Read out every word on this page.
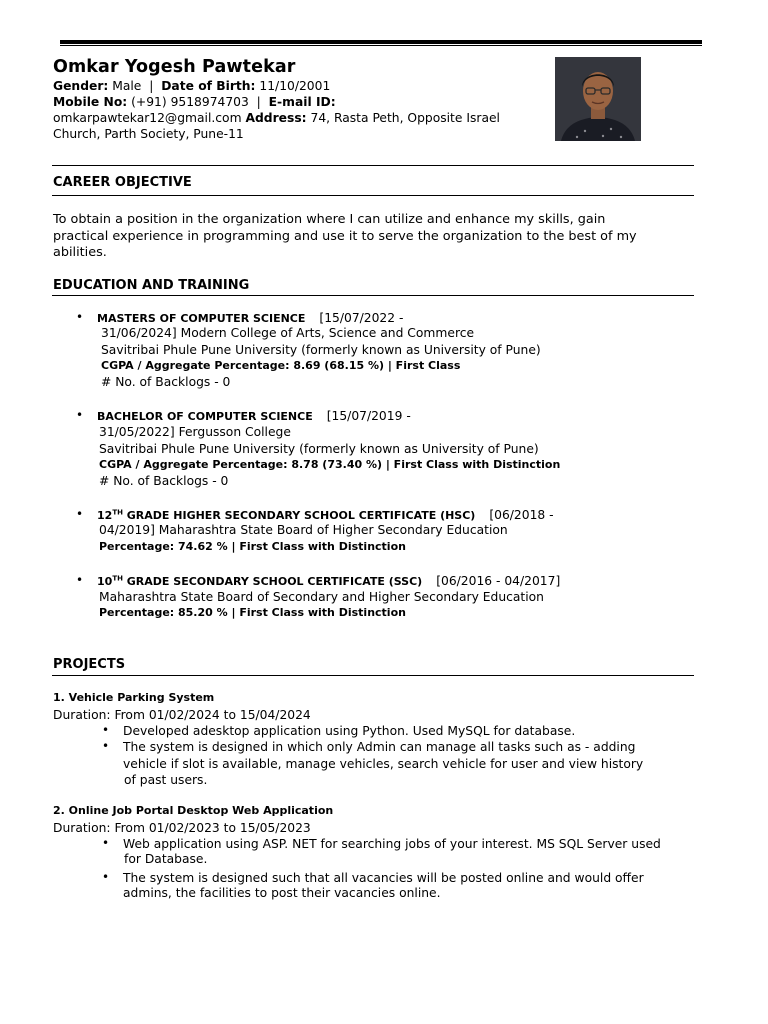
Omkar Yogesh Pawtekar
Gender: Male | Date of Birth: 11/10/2001
Mobile No: (+91) 9518974703 | E-mail ID:
omkarpawtekar12@gmail.com Address: 74, Rasta Peth, Opposite Israel
Church, Parth Society, Pune-11
CAREER OBJECTIVE
To obtain a position in the organization where I can utilize and enhance my skills, gain
practical experience in programming and use it to serve the organization to the best of my
abilities.
EDUCATION AND TRAINING
• MASTERS OF COMPUTER SCIENCE [15/07/2022 -
31/06/2024] Modern College of Arts, Science and Commerce
Savitribai Phule Pune University (formerly known as University of Pune)
CGPA / Aggregate Percentage: 8.69 (68.15 %) | First Class
# No. of Backlogs - 0
• BACHELOR OF COMPUTER SCIENCE [15/07/2019 -
31/05/2022] Fergusson College
Savitribai Phule Pune University (formerly known as University of Pune)
CGPA / Aggregate Percentage: 8.78 (73.40 %) | First Class with Distinction
# No. of Backlogs - 0
• 12TH GRADE HIGHER SECONDARY SCHOOL CERTIFICATE (HSC) [06/2018 -
04/2019] Maharashtra State Board of Higher Secondary Education
Percentage: 74.62 % | First Class with Distinction
• 10TH GRADE SECONDARY SCHOOL CERTIFICATE (SSC) [06/2016 - 04/2017]
Maharashtra State Board of Secondary and Higher Secondary Education
Percentage: 85.20 % | First Class with Distinction
PROJECTS
1. Vehicle Parking System
Duration: From 01/02/2024 to 15/04/2024
• Developed adesktop application using Python. Used MySQL for database.
• The system is designed in which only Admin can manage all tasks such as - adding
vehicle if slot is available, manage vehicles, search vehicle for user and view history
of past users.
2. Online Job Portal Desktop Web Application
Duration: From 01/02/2023 to 15/05/2023
• Web application using ASP. NET for searching jobs of your interest. MS SQL Server used
for Database.
• The system is designed such that all vacancies will be posted online and would offer
admins, the facilities to post their vacancies online.
